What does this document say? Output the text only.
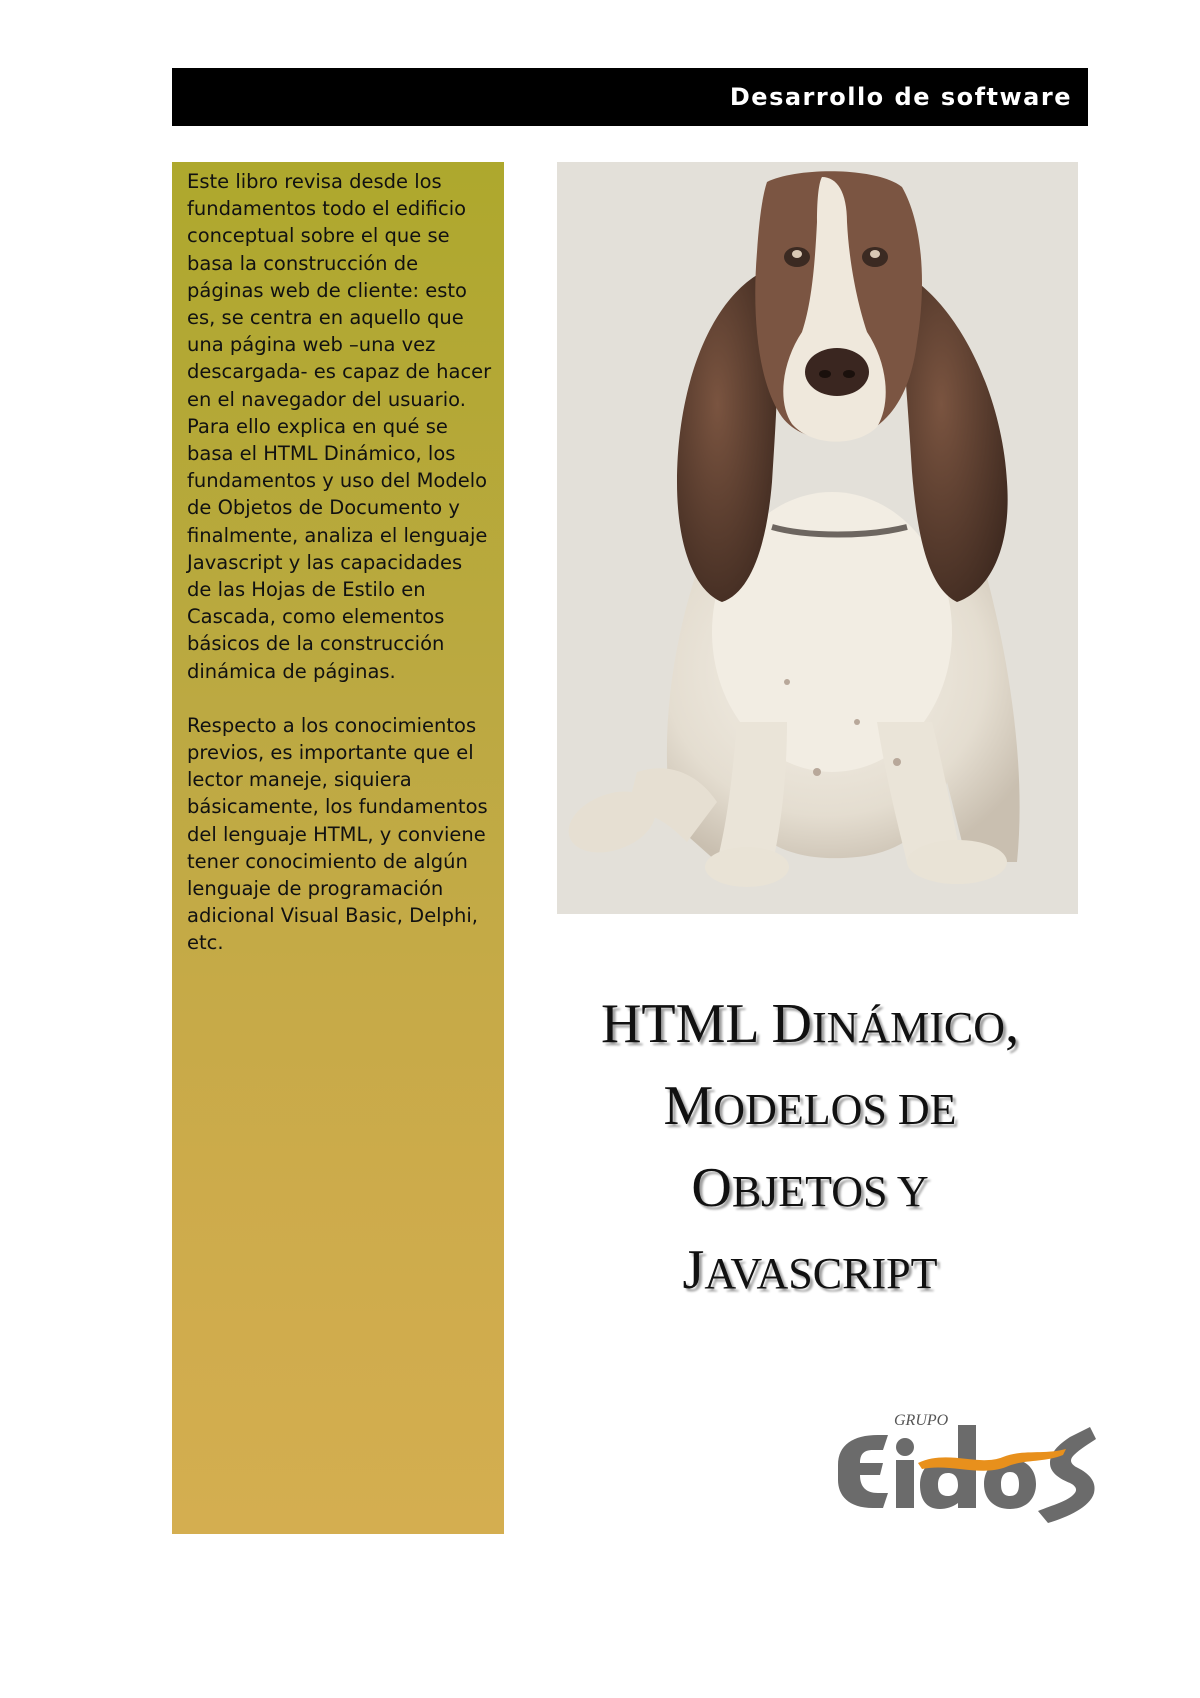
Desarrollo de software

Este libro revisa desde los fundamentos todo el edificio conceptual sobre el que se basa la construcción de páginas web de cliente: esto es, se centra en aquello que una página web –una vez descargada- es capaz de hacer en el navegador del usuario. Para ello explica en qué se basa el HTML Dinámico, los fundamentos y uso del Modelo de Objetos de Documento y finalmente, analiza el lenguaje Javascript y las capacidades de las Hojas de Estilo en Cascada, como elementos básicos de la construcción dinámica de páginas.

Respecto a los conocimientos previos, es importante que el lector maneje, siquiera básicamente, los fundamentos del lenguaje HTML, y conviene tener conocimiento de algún lenguaje de programación adicional Visual Basic, Delphi, etc.

HTML DINÁMICO,
MODELOS DE
OBJETOS Y
JAVASCRIPT
GRUPO
